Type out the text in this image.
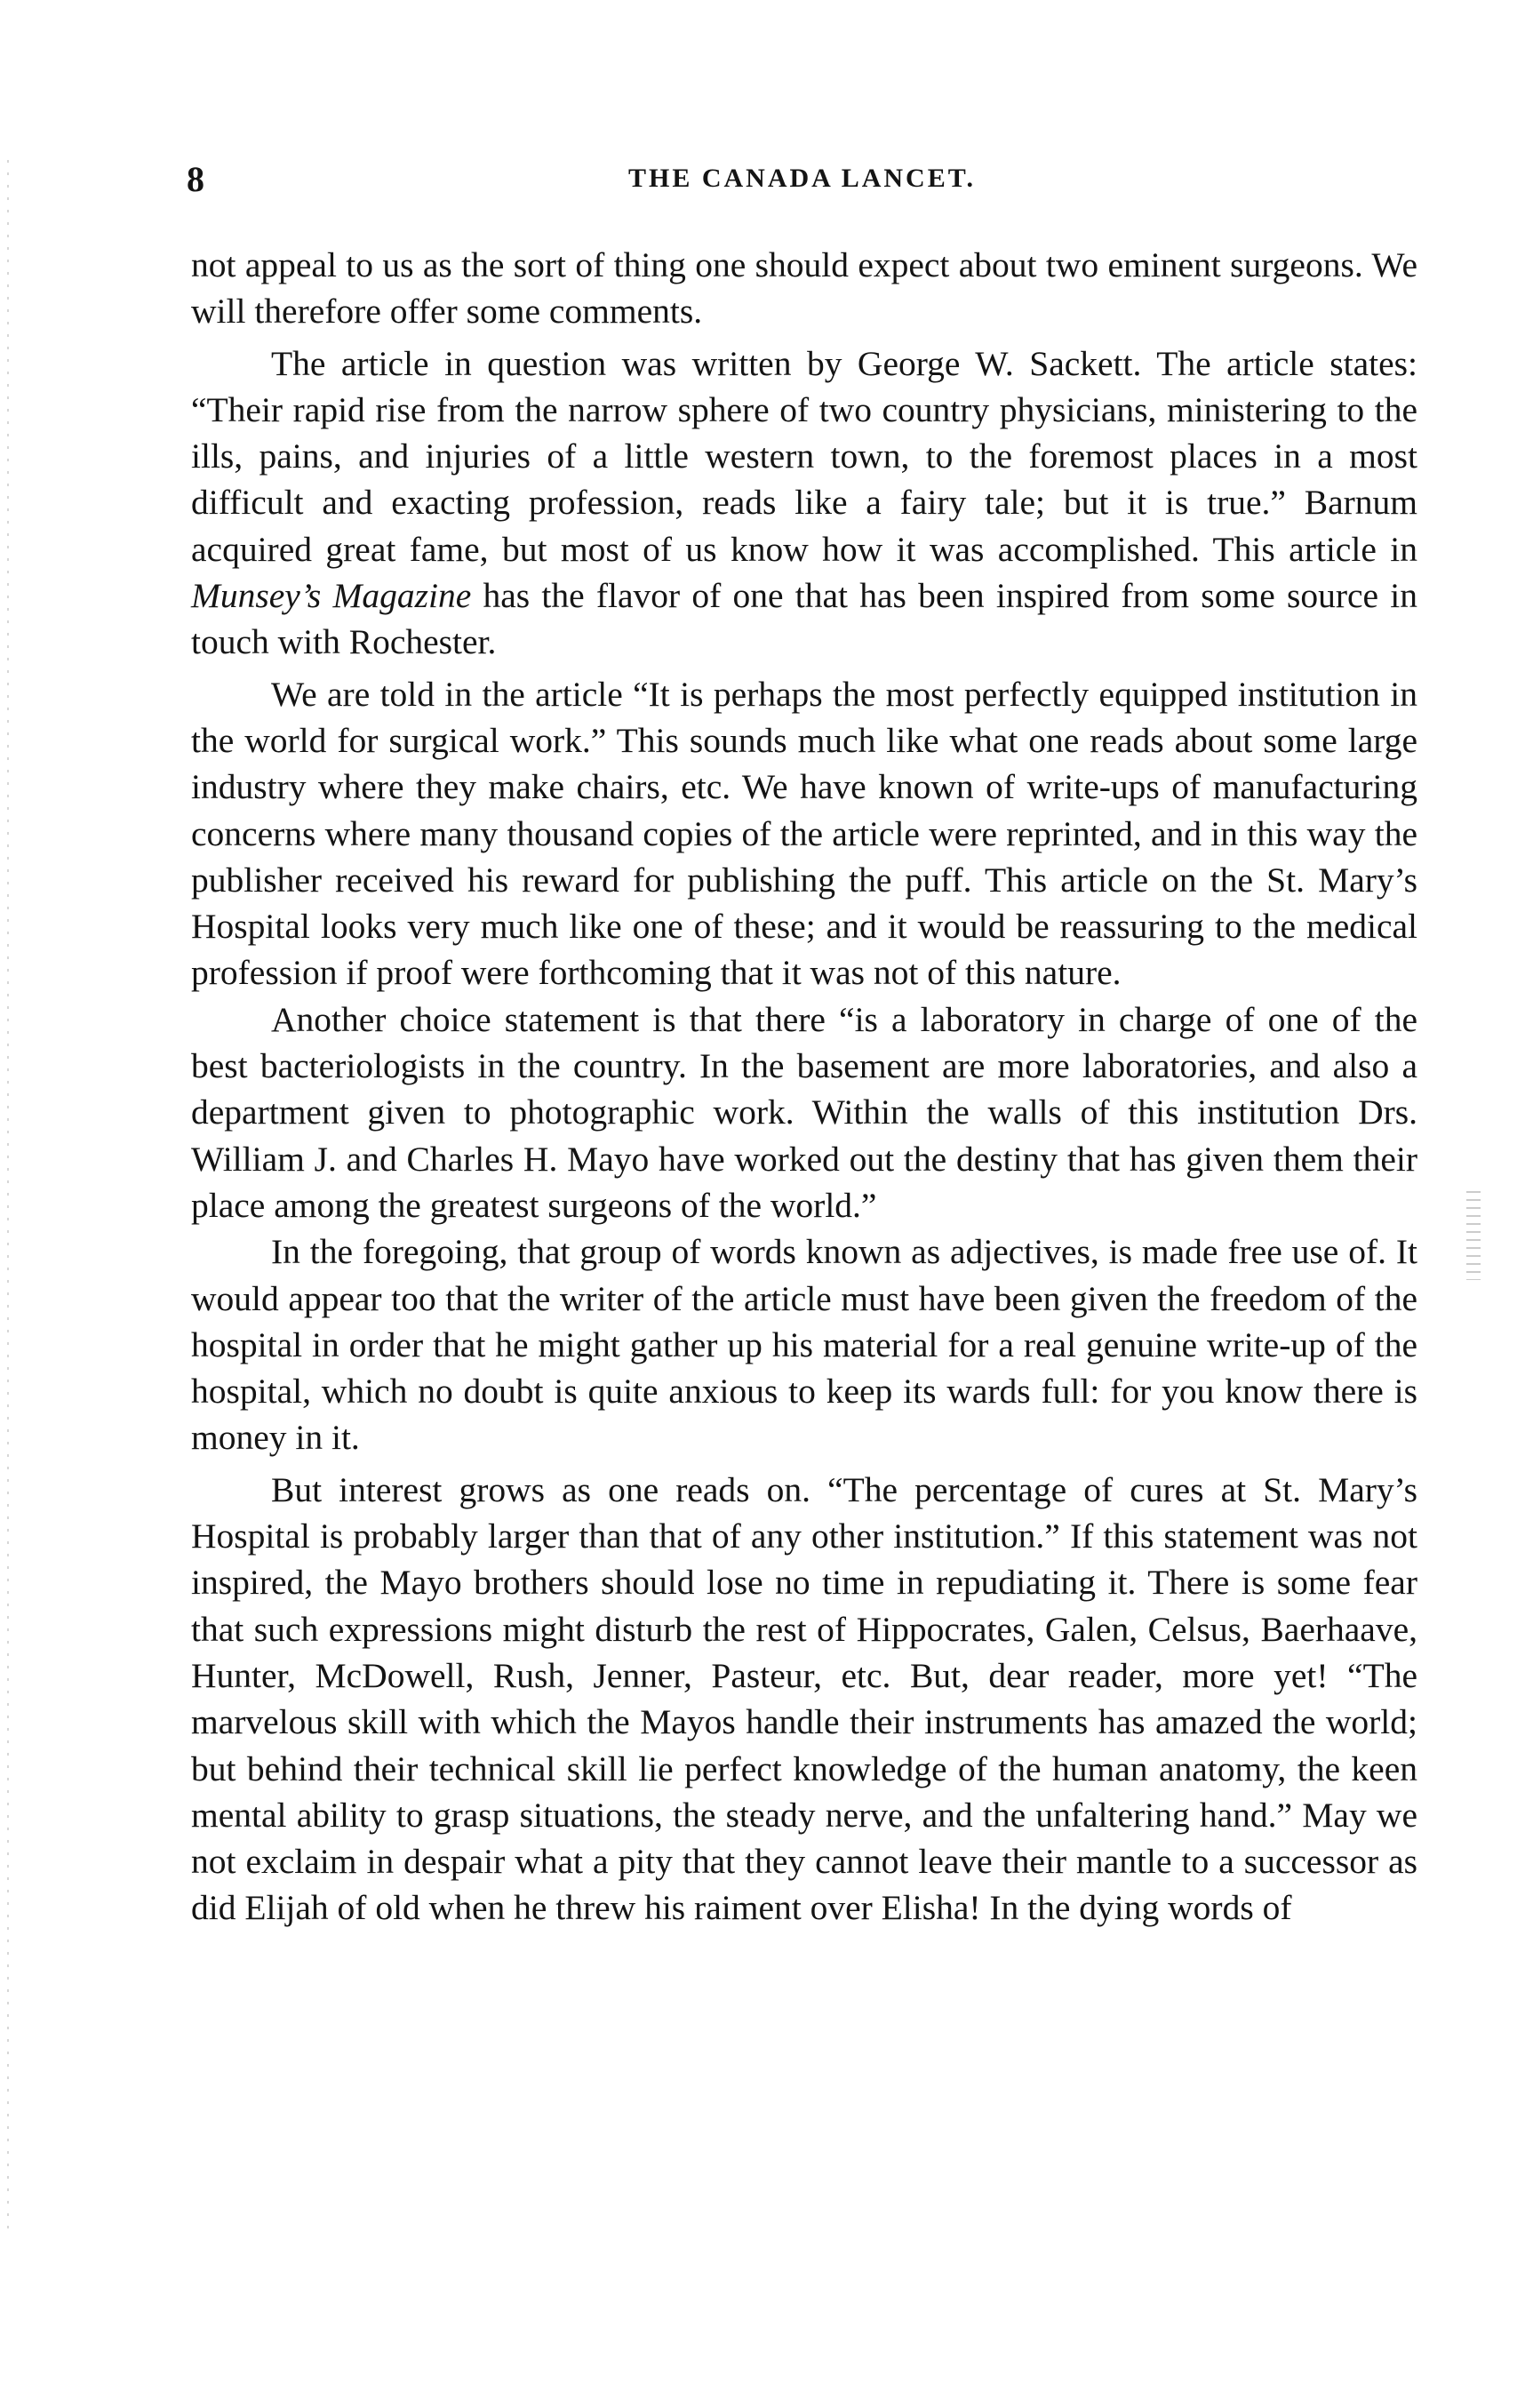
8	THE CANADA LANCET.

not appeal to us as the sort of thing one should expect about two eminent surgeons. We will therefore offer some comments.

The article in question was written by George W. Sackett. The article states: “Their rapid rise from the narrow sphere of two country physicians, ministering to the ills, pains, and injuries of a little western town, to the foremost places in a most difficult and exacting profession, reads like a fairy tale; but it is true.” Barnum acquired great fame, but most of us know how it was accomplished. This article in Munsey’s Magazine has the flavor of one that has been inspired from some source in touch with Rochester.

We are told in the article “It is perhaps the most perfectly equipped institution in the world for surgical work.” This sounds much like what one reads about some large industry where they make chairs, etc. We have known of write-ups of manufacturing concerns where many thousand copies of the article were reprinted, and in this way the publisher received his reward for publishing the puff. This article on the St. Mary’s Hospital looks very much like one of these; and it would be reassuring to the medical profession if proof were forthcoming that it was not of this nature.

Another choice statement is that there “is a laboratory in charge of one of the best bacteriologists in the country. In the basement are more laboratories, and also a department given to photographic work. Within the walls of this institution Drs. William J. and Charles H. Mayo have worked out the destiny that has given them their place among the greatest surgeons of the world.”

In the foregoing, that group of words known as adjectives, is made free use of. It would appear too that the writer of the article must have been given the freedom of the hospital in order that he might gather up his material for a real genuine write-up of the hospital, which no doubt is quite anxious to keep its wards full: for you know there is money in it.

But interest grows as one reads on. “The percentage of cures at St. Mary’s Hospital is probably larger than that of any other institution.” If this statement was not inspired, the Mayo brothers should lose no time in repudiating it. There is some fear that such expressions might disturb the rest of Hippocrates, Galen, Celsus, Baerhaave, Hunter, McDowell, Rush, Jenner, Pasteur, etc. But, dear reader, more yet! “The marvelous skill with which the Mayos handle their instruments has amazed the world; but behind their technical skill lie perfect knowledge of the human anatomy, the keen mental ability to grasp situations, the steady nerve, and the unfaltering hand.” May we not exclaim in despair what a pity that they cannot leave their mantle to a successor as did Elijah of old when he threw his raiment over Elisha! In the dying words of
